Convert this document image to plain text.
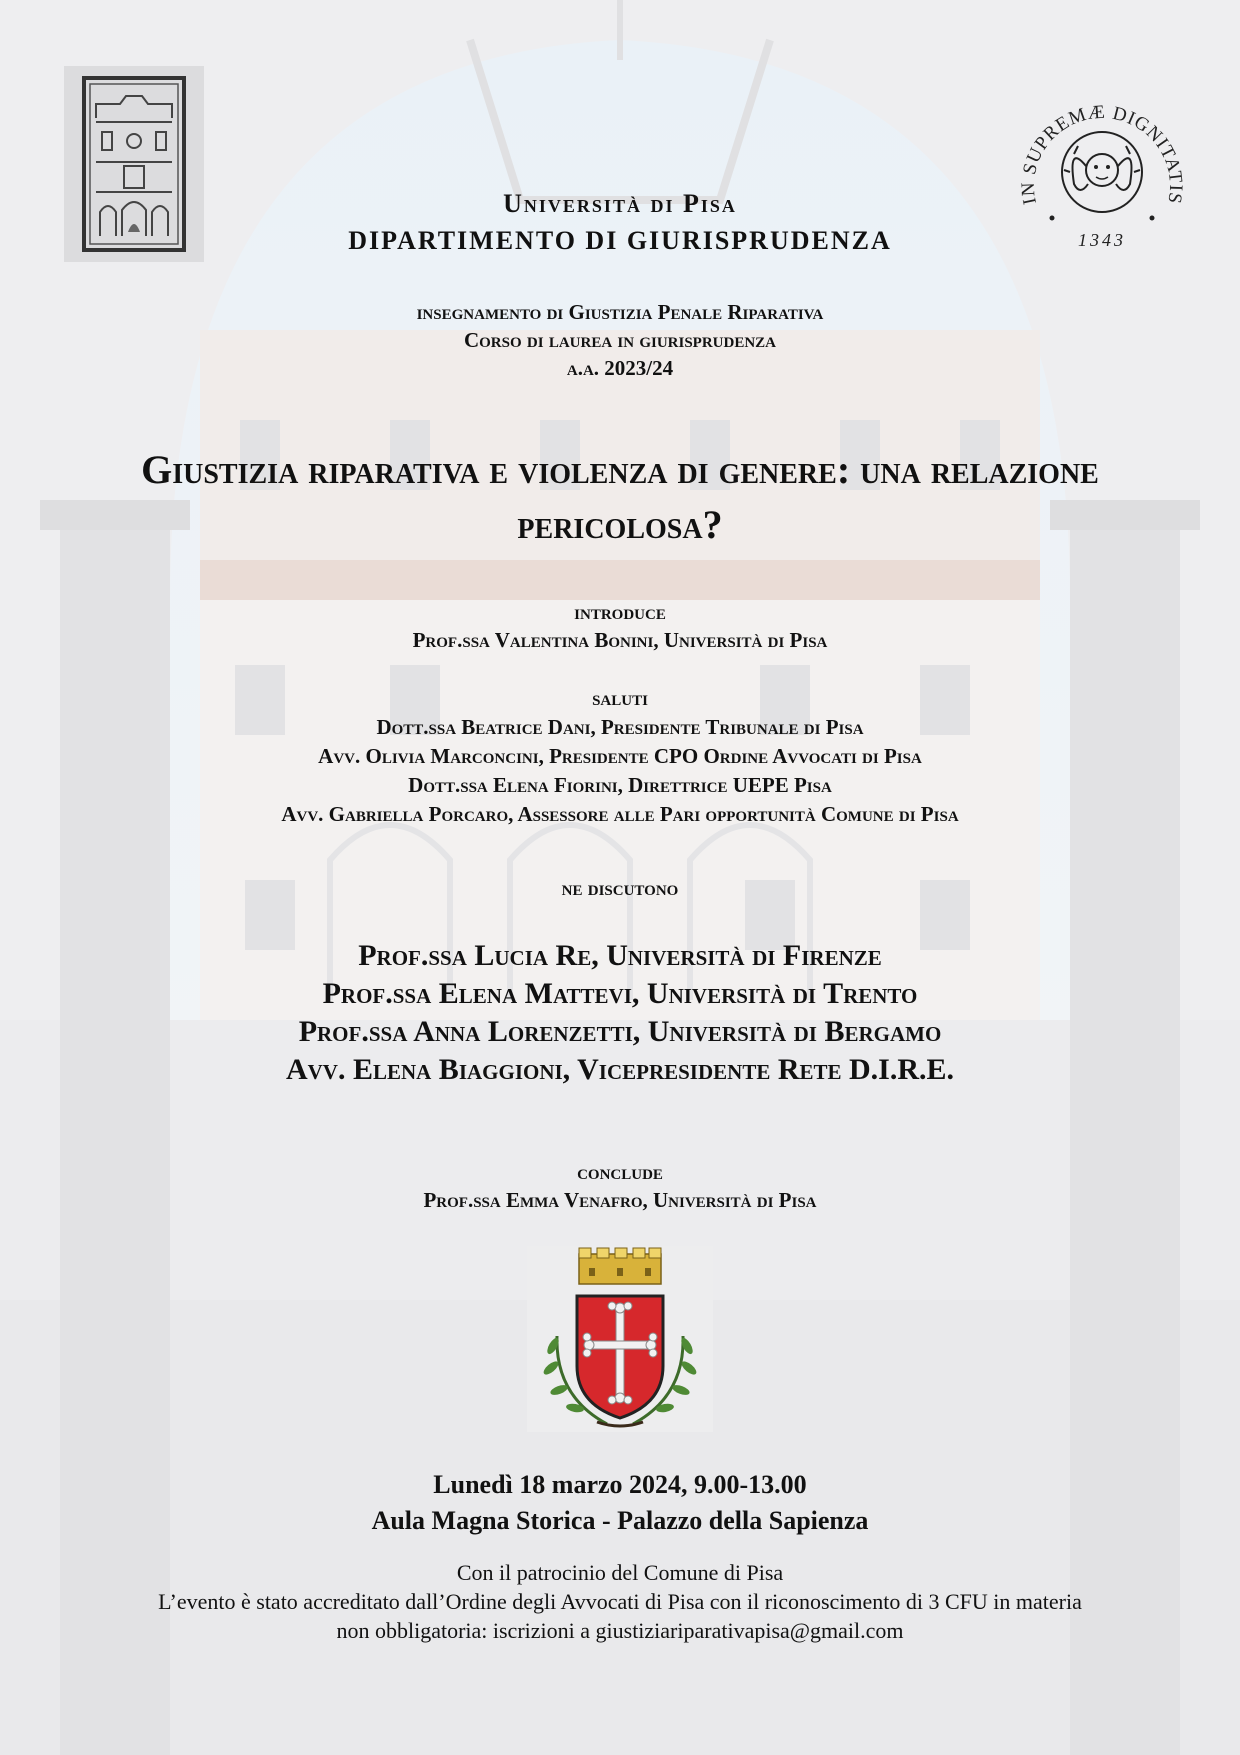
IN SUPREMÆ DIGNITATIS
1343
Università di Pisa
DIPARTIMENTO DI GIURISPRUDENZA
insegnamento di Giustizia Penale Riparativa
Corso di laurea in giurisprudenza
a.a. 2023/24
Giustizia riparativa e violenza di genere: una relazione pericolosa?
introduce
Prof.ssa Valentina Bonini, Università di Pisa
saluti
Dott.ssa Beatrice Dani, Presidente Tribunale di Pisa
Avv. Olivia Marconcini, Presidente CPO Ordine Avvocati di Pisa
Dott.ssa Elena Fiorini, Direttrice UEPE Pisa
Avv. Gabriella Porcaro, Assessore alle Pari opportunità Comune di Pisa
ne discutono
Prof.ssa Lucia Re, Università di Firenze
Prof.ssa Elena Mattevi, Università di Trento
Prof.ssa Anna Lorenzetti, Università di Bergamo
Avv. Elena Biaggioni, Vicepresidente Rete D.I.R.E.
conclude
Prof.ssa Emma Venafro, Università di Pisa
Lunedì 18 marzo 2024, 9.00-13.00
Aula Magna Storica - Palazzo della Sapienza
Con il patrocinio del Comune di Pisa
L’evento è stato accreditato dall’Ordine degli Avvocati di Pisa con il riconoscimento di 3 CFU in materia
non obbligatoria: iscrizioni a giustiziariparativapisa@gmail.com
